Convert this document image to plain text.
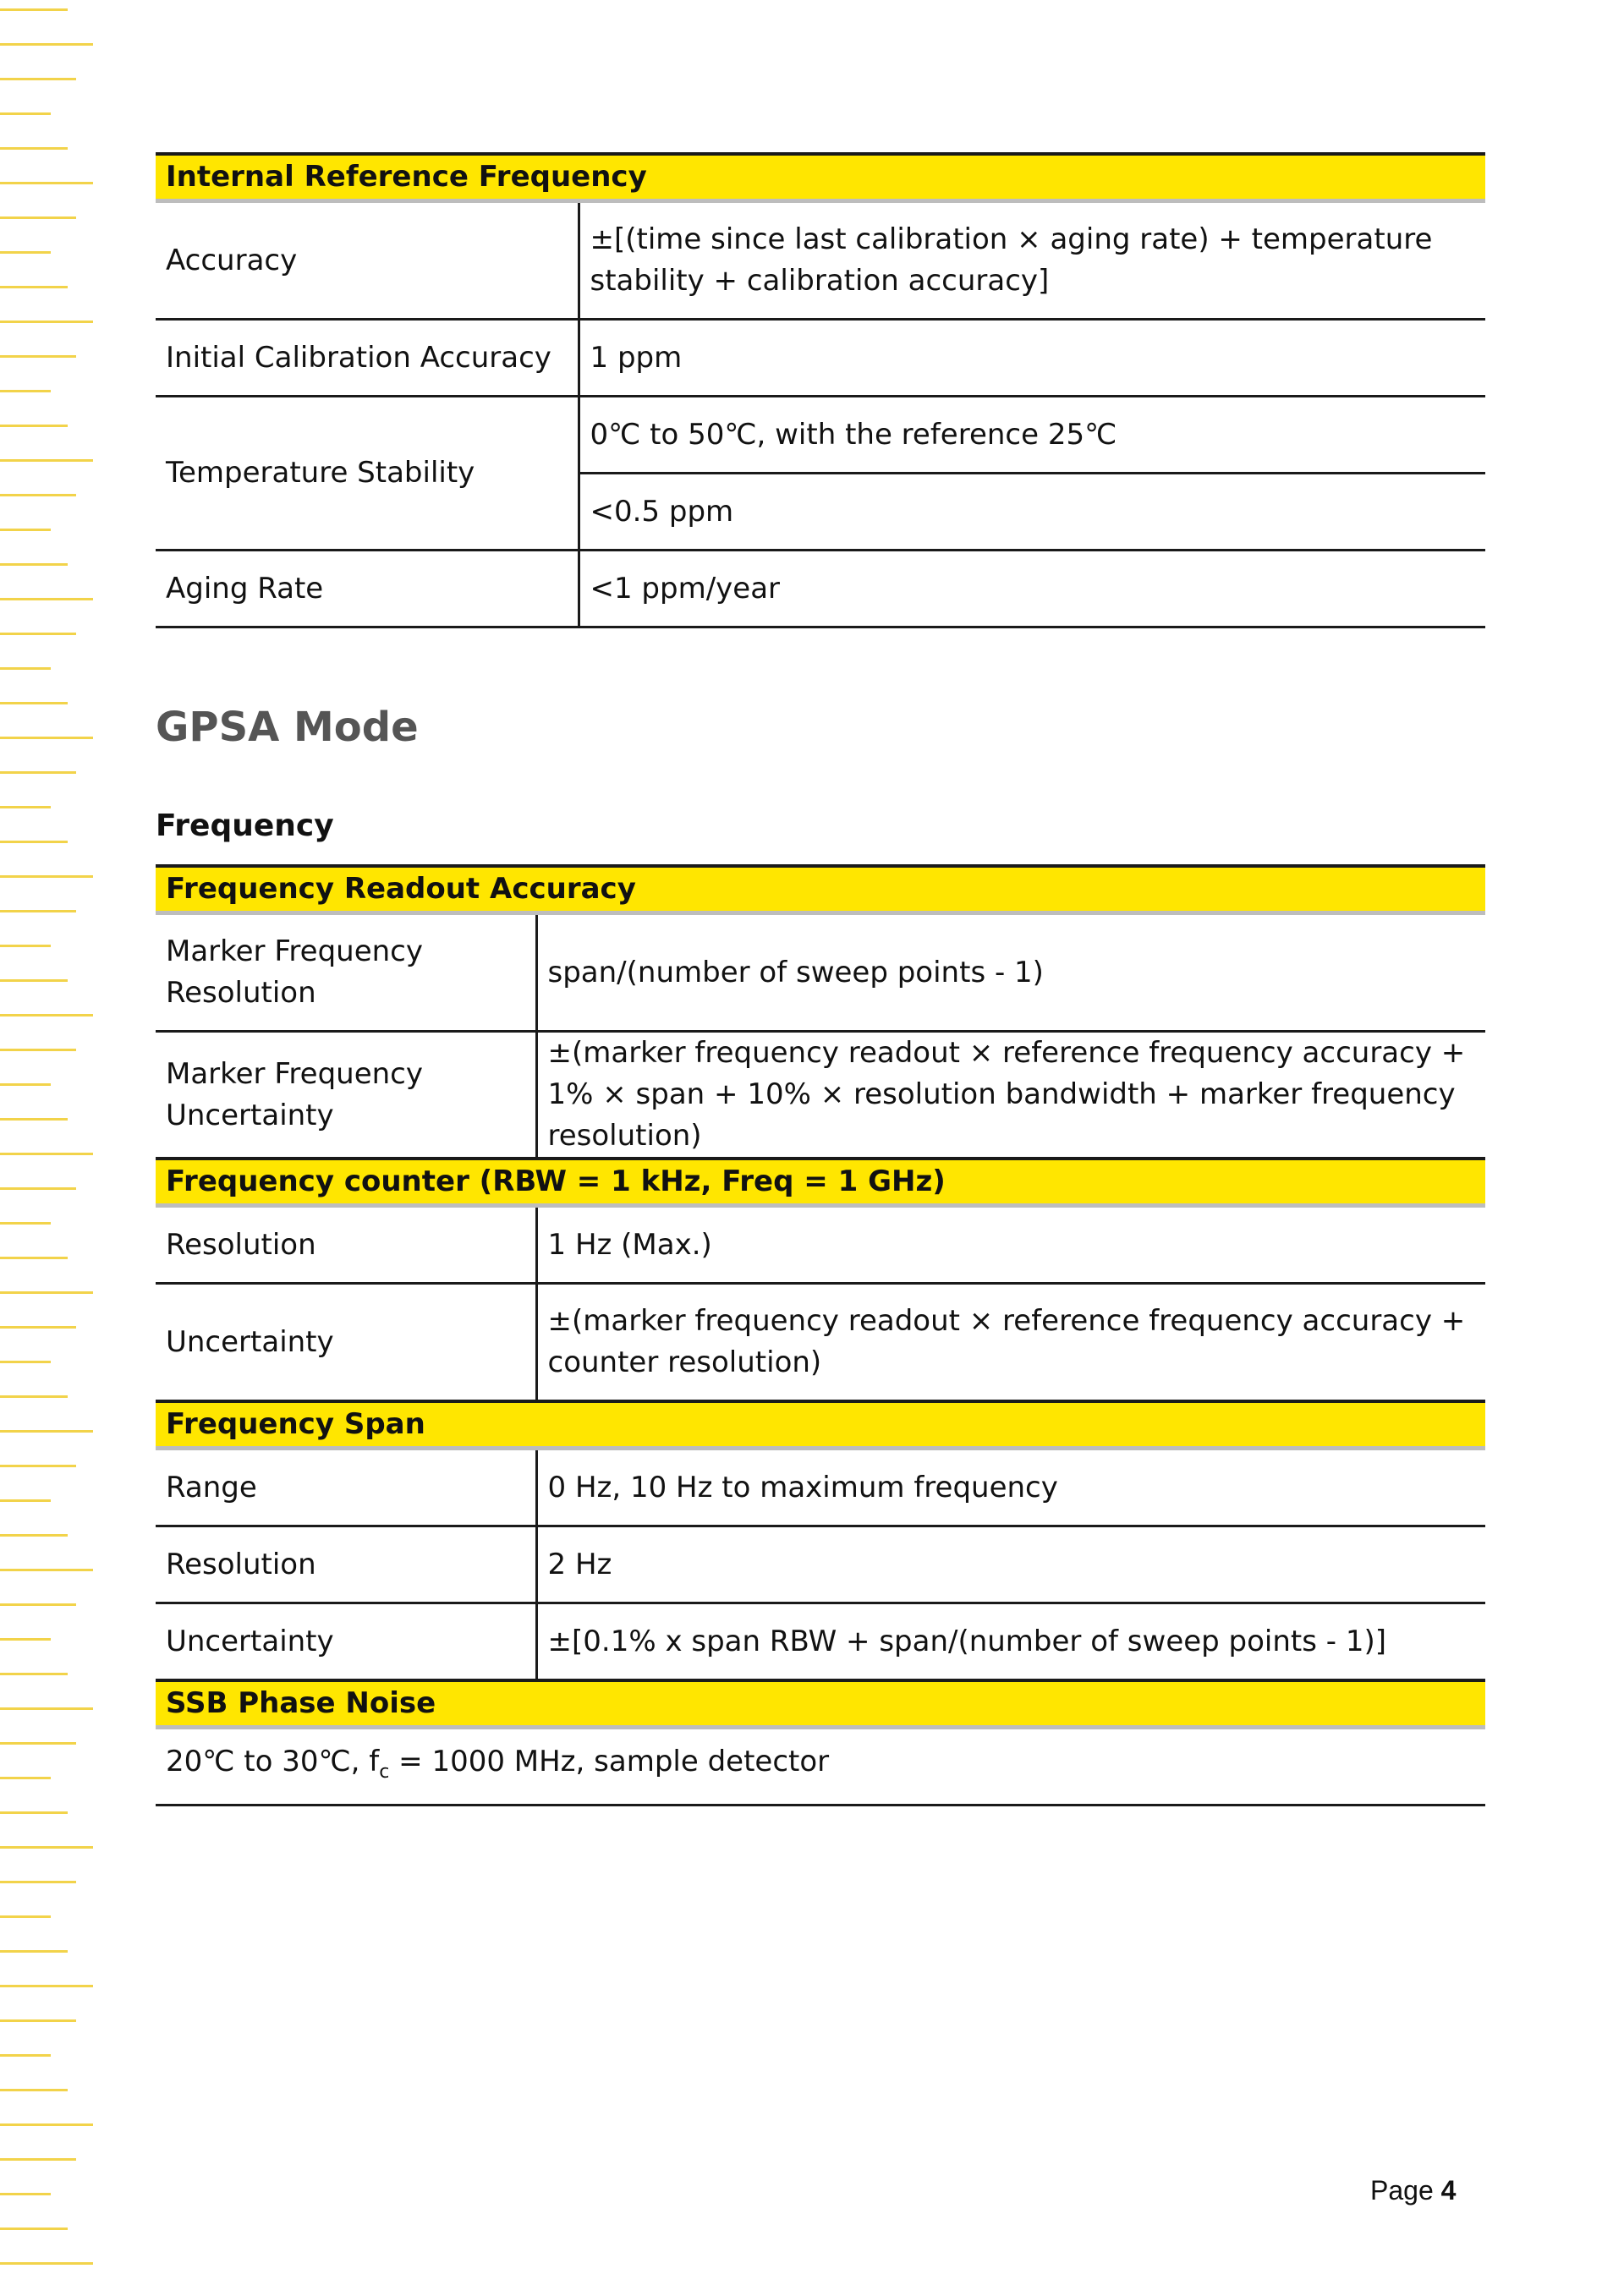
Internal Reference Frequency	
Accuracy	±[(time since last calibration × aging rate) + temperature stability + calibration accuracy]
Initial Calibration Accuracy	1 ppm
Temperature Stability	0℃ to 50℃, with the reference 25℃
	<0.5 ppm
Aging Rate	<1 ppm/year
GPSA Mode
Frequency
Frequency Readout Accuracy	
Marker Frequency Resolution	span/(number of sweep points - 1)
Marker Frequency Uncertainty	±(marker frequency readout × reference frequency accuracy + 1% × span + 10% × resolution bandwidth + marker frequency resolution)
Frequency counter (RBW = 1 kHz, Freq = 1 GHz)	
Resolution	1 Hz (Max.)
Uncertainty	±(marker frequency readout × reference frequency accuracy + counter resolution)
Frequency Span	
Range	0 Hz, 10 Hz to maximum frequency
Resolution	2 Hz
Uncertainty	±[0.1% x span RBW + span/(number of sweep points - 1)]
SSB Phase Noise	
20℃ to 30℃, $f_c = 1000$ MHz, sample detector	
Page 4
